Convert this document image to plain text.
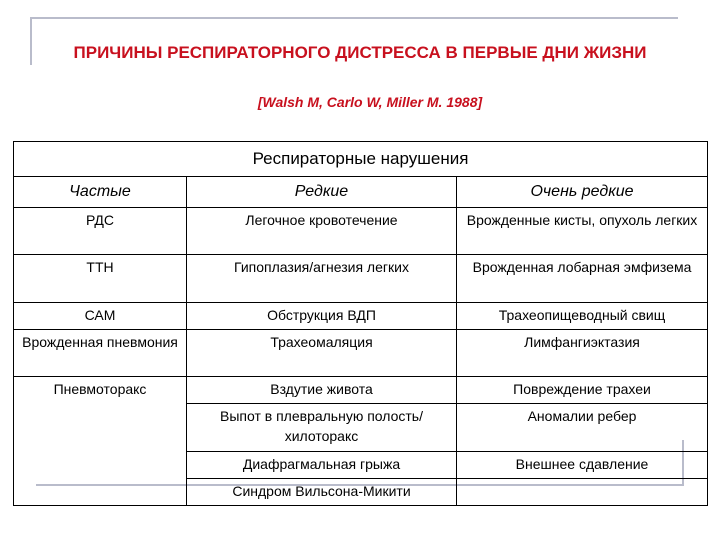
ПРИЧИНЫ РЕСПИРАТОРНОГО ДИСТРЕССА В ПЕРВЫЕ ДНИ ЖИЗНИ
[Walsh M, Carlo W, Miller M. 1988]
Респираторные нарушения		
Частые	Редкие	Очень редкие
РДС	Легочное кровотечение	Врожденные кисты, опухоль легких
ТТН	Гипоплазия/агнезия легких	Врожденная лобарная эмфизема
САМ	Обструкция ВДП	Трахеопищеводный свищ
Врожденная пневмония	Трахеомаляция	Лимфангиэктазия
Пневмоторакс	Вздутие живота	Повреждение трахеи
	Выпот в плевральную полость/хилоторакс	Аномалии ребер
	Диафрагмальная грыжа	Внешнее сдавление
	Синдром Вильсона-Микити	
